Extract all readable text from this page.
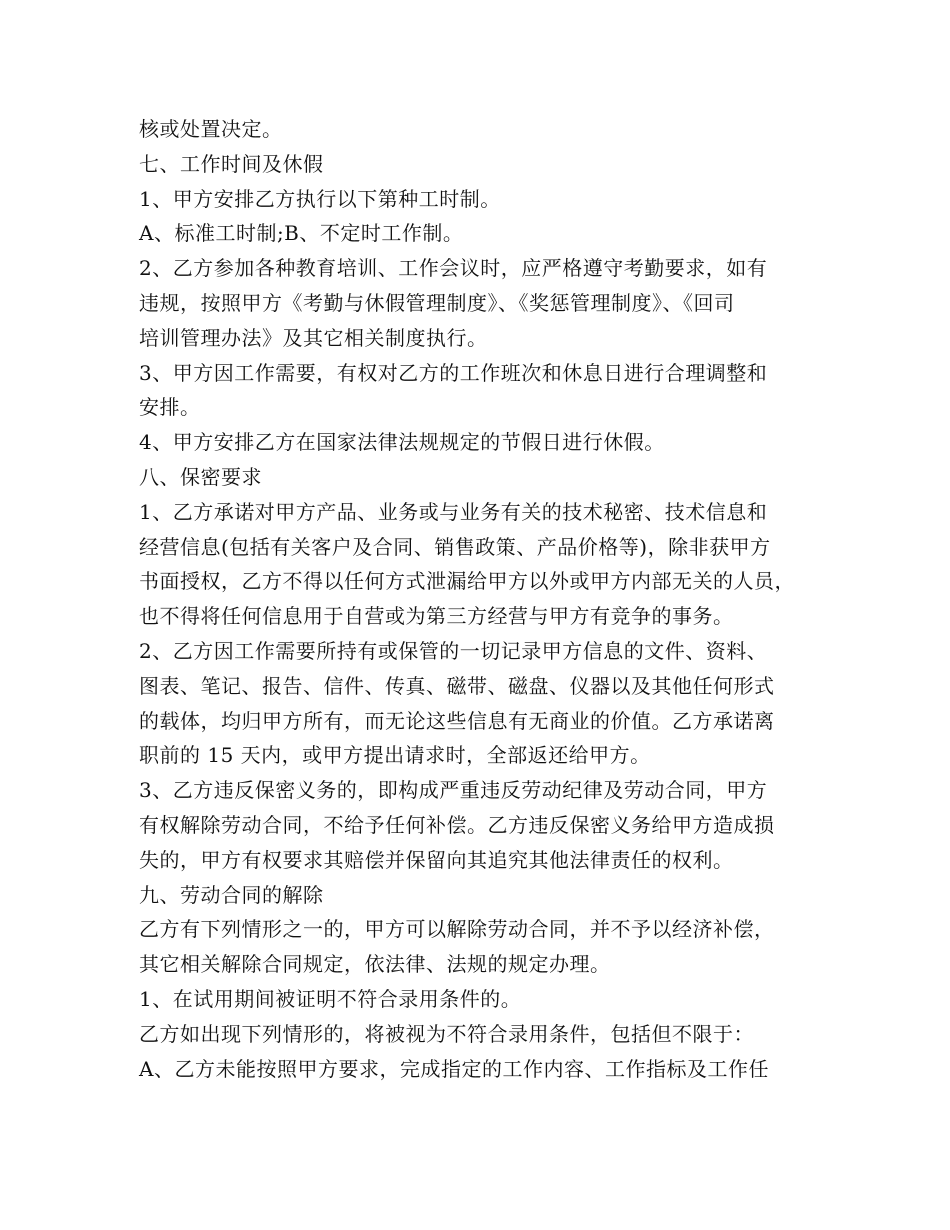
核或处置决定。
七、工作时间及休假
1、甲方安排乙方执行以下第种工时制。
A、标准工时制;B、不定时工作制。
2、乙方参加各种教育培训、工作会议时，应严格遵守考勤要求，如有
违规，按照甲方《考勤与休假管理制度》、《奖惩管理制度》、《回司
培训管理办法》及其它相关制度执行。
3、甲方因工作需要，有权对乙方的工作班次和休息日进行合理调整和
安排。
4、甲方安排乙方在国家法律法规规定的节假日进行休假。
八、保密要求
1、乙方承诺对甲方产品、业务或与业务有关的技术秘密、技术信息和
经营信息(包括有关客户及合同、销售政策、产品价格等)，除非获甲方
书面授权，乙方不得以任何方式泄漏给甲方以外或甲方内部无关的人员，
也不得将任何信息用于自营或为第三方经营与甲方有竞争的事务。
2、乙方因工作需要所持有或保管的一切记录甲方信息的文件、资料、
图表、笔记、报告、信件、传真、磁带、磁盘、仪器以及其他任何形式
的载体，均归甲方所有，而无论这些信息有无商业的价值。乙方承诺离
职前的 15 天内，或甲方提出请求时，全部返还给甲方。
3、乙方违反保密义务的，即构成严重违反劳动纪律及劳动合同，甲方
有权解除劳动合同，不给予任何补偿。乙方违反保密义务给甲方造成损
失的，甲方有权要求其赔偿并保留向其追究其他法律责任的权利。
九、劳动合同的解除
乙方有下列情形之一的，甲方可以解除劳动合同，并不予以经济补偿，
其它相关解除合同规定，依法律、法规的规定办理。
1、在试用期间被证明不符合录用条件的。
乙方如出现下列情形的，将被视为不符合录用条件，包括但不限于：
A、乙方未能按照甲方要求，完成指定的工作内容、工作指标及工作任
